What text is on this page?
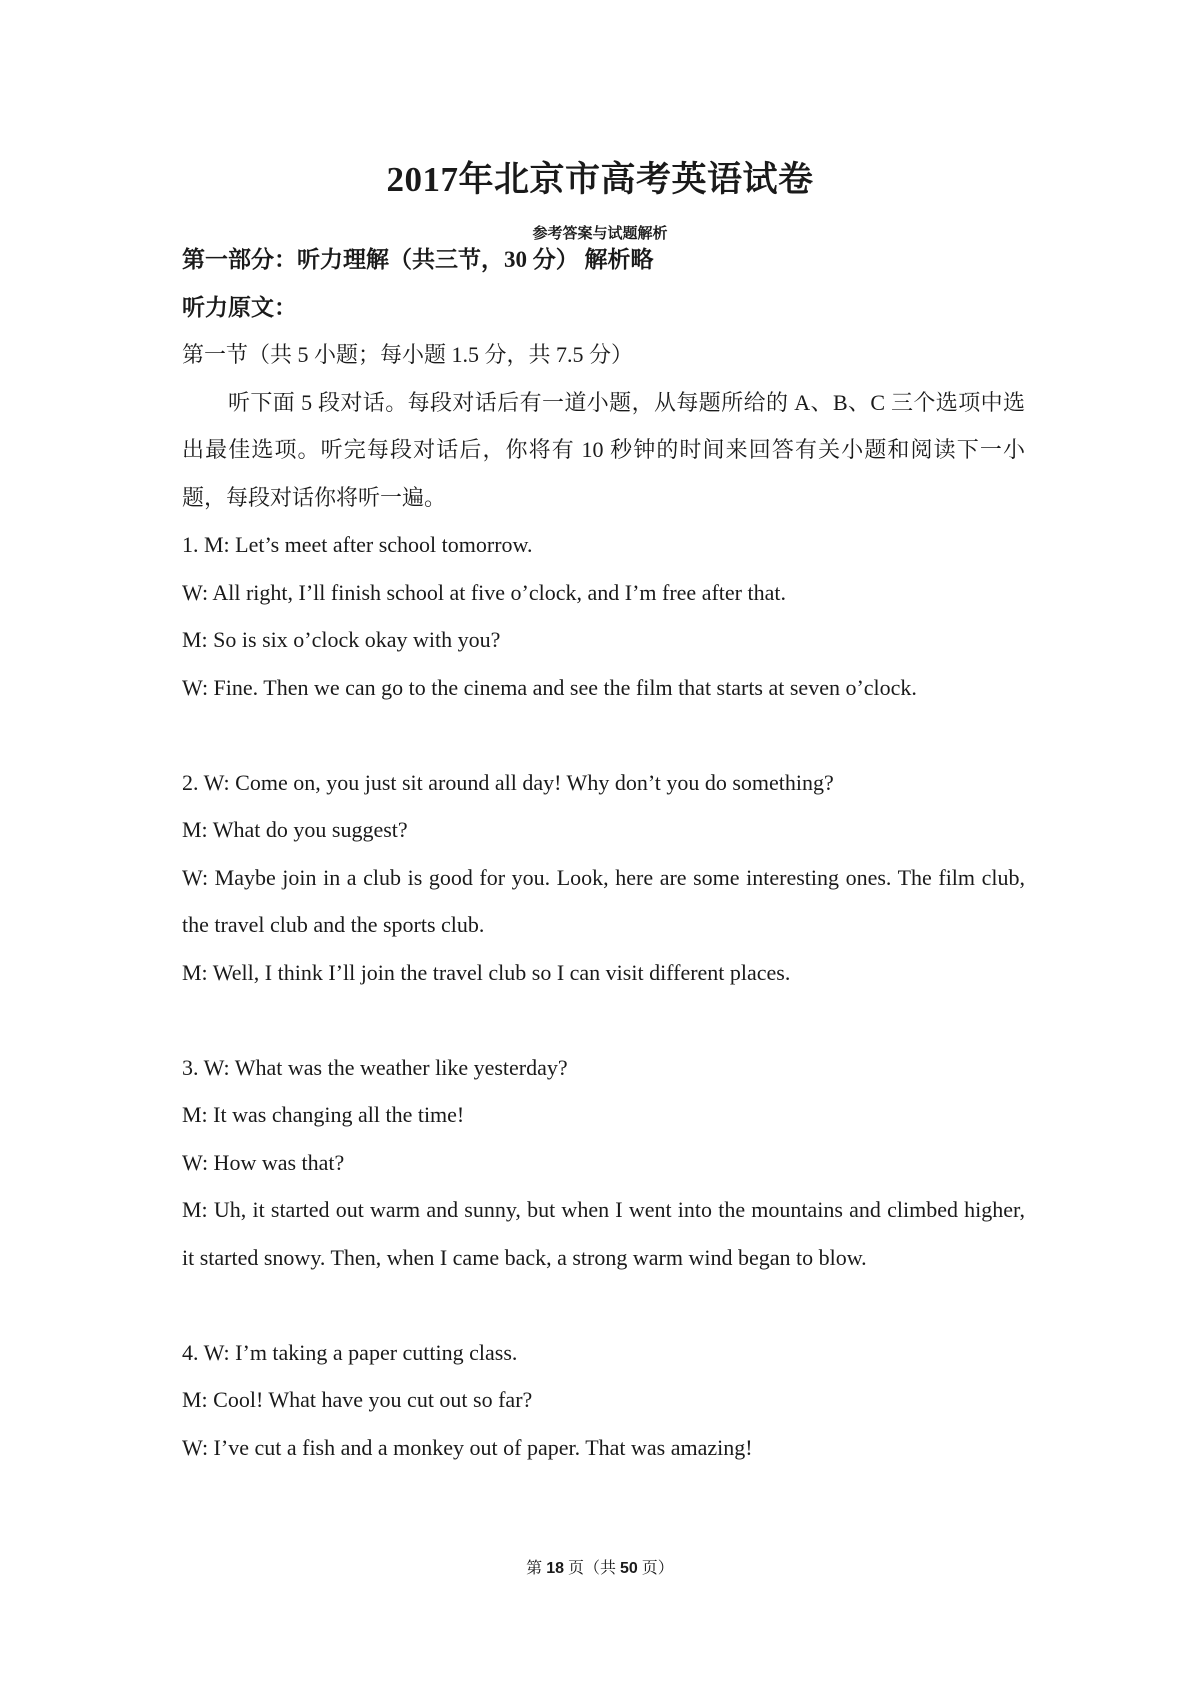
2017年北京市高考英语试卷

参考答案与试题解析

第一部分：听力理解（共三节，30 分） 解析略

听力原文：

第一节（共 5 小题；每小题 1.5 分，共 7.5 分）

听下面 5 段对话。每段对话后有一道小题，从每题所给的 A、B、C 三个选项中选出最佳选项。听完每段对话后，你将有 10 秒钟的时间来回答有关小题和阅读下一小题，每段对话你将听一遍。

1. M: Let’s meet after school tomorrow.

W: All right, I’ll finish school at five o’clock, and I’m free after that.

M: So is six o’clock okay with you?

W: Fine. Then we can go to the cinema and see the film that starts at seven o’clock.

2. W: Come on, you just sit around all day! Why don’t you do something?

M: What do you suggest?

W: Maybe join in a club is good for you. Look, here are some interesting ones. The film club, the travel club and the sports club.

M: Well, I think I’ll join the travel club so I can visit different places.

3. W: What was the weather like yesterday?

M: It was changing all the time!

W: How was that?

M: Uh, it started out warm and sunny, but when I went into the mountains and climbed higher, it started snowy. Then, when I came back, a strong warm wind began to blow.

4. W: I’m taking a paper cutting class.

M: Cool! What have you cut out so far?

W: I’ve cut a fish and a monkey out of paper. That was amazing!

第 18 页（共 50 页）
